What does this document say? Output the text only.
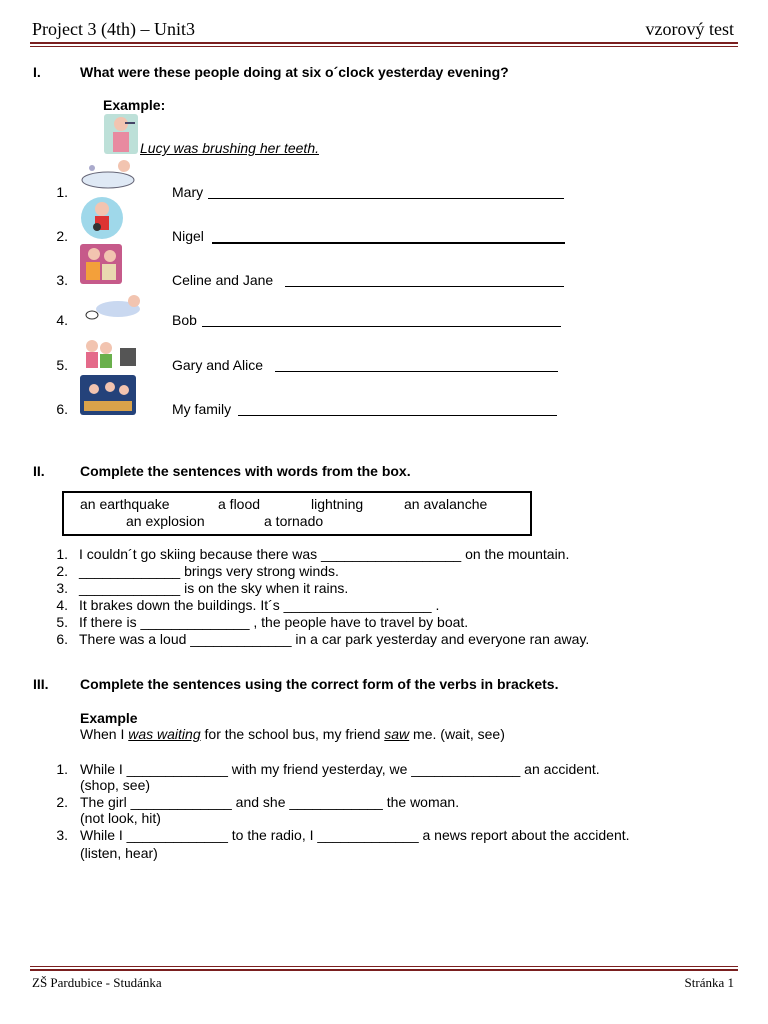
Project 3 (4th) – Unit3	vzorový test
I.	What were these people doing at six o´clock yesterday evening?
Example:
Lucy was brushing her teeth.
1.	Mary
2.	Nigel
3.	Celine and Jane
4.	Bob
5.	Gary and Alice
6.	My family
II.	Complete the sentences with words from the box.
an earthquake	a flood	lightning	an avalanche
an explosion	a tornado
1. I couldn´t go skiing because there was __________________ on the mountain.
2. _____________ brings very strong winds.
3. _____________ is on the sky when it rains.
4. It brakes down the buildings. It´s ___________________ .
5. If there is ______________ , the people have to travel by boat.
6. There was a loud _____________ in a car park yesterday and everyone ran away.
III. Complete the sentences using the correct form of the verbs in brackets.
Example
When I was waiting for the school bus, my friend saw me. (wait, see)
1. While I _____________ with my friend yesterday, we ______________ an accident.
(shop, see)
2. The girl _____________ and she ____________ the woman.
(not look, hit)
3. While I _____________ to the radio, I _____________ a news report about the accident.
(listen, hear)
ZŠ Pardubice - Studánka	Stránka 1
